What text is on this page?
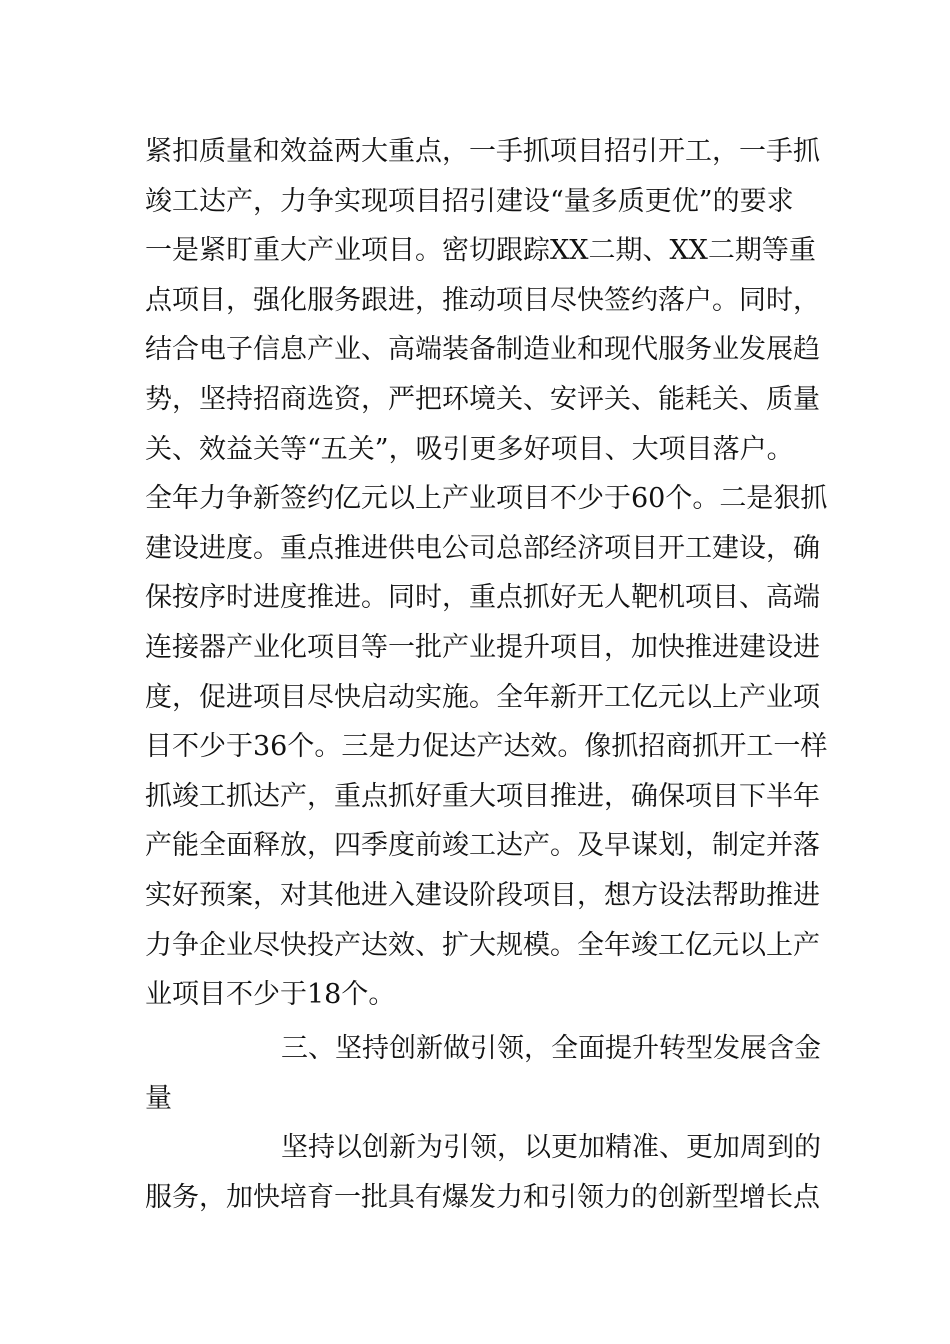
紧扣质量和效益两大重点，一手抓项目招引开工，一手抓
竣工达产，力争实现项目招引建设“量多质更优”的要求
一是紧盯重大产业项目。密切跟踪XX二期、XX二期等重
点项目，强化服务跟进，推动项目尽快签约落户。同时，
结合电子信息产业、高端装备制造业和现代服务业发展趋
势，坚持招商选资，严把环境关、安评关、能耗关、质量
关、效益关等“五关”，吸引更多好项目、大项目落户。
全年力争新签约亿元以上产业项目不少于60个。二是狠抓
建设进度。重点推进供电公司总部经济项目开工建设，确
保按序时进度推进。同时，重点抓好无人靶机项目、高端
连接器产业化项目等一批产业提升项目，加快推进建设进
度，促进项目尽快启动实施。全年新开工亿元以上产业项
目不少于36个。三是力促达产达效。像抓招商抓开工一样
抓竣工抓达产，重点抓好重大项目推进，确保项目下半年
产能全面释放，四季度前竣工达产。及早谋划，制定并落
实好预案，对其他进入建设阶段项目，想方设法帮助推进
力争企业尽快投产达效、扩大规模。全年竣工亿元以上产
业项目不少于18个。
三、坚持创新做引领，全面提升转型发展含金
量
坚持以创新为引领，以更加精准、更加周到的
服务，加快培育一批具有爆发力和引领力的创新型增长点
